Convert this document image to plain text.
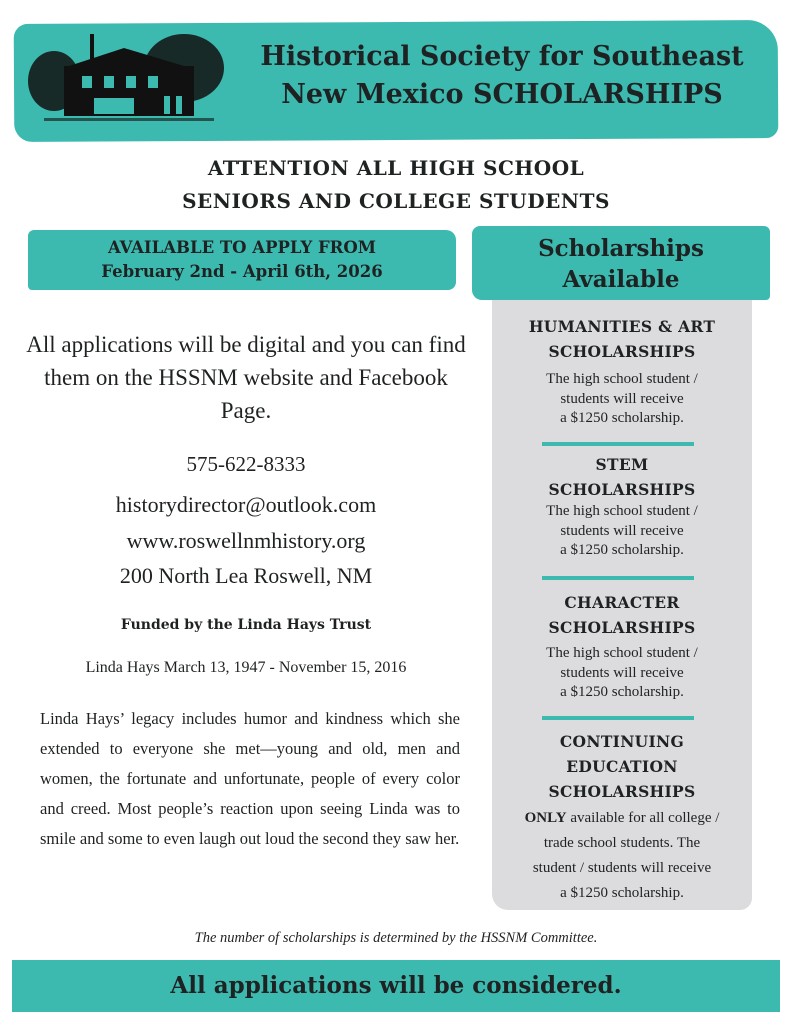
Historical Society for Southeast
New Mexico SCHOLARSHIPS
ATTENTION ALL HIGH SCHOOL
SENIORS AND COLLEGE STUDENTS
AVAILABLE TO APPLY FROM
February 2nd - April 6th, 2026
Scholarships
Available
HUMANITIES & ART
SCHOLARSHIPS
The high school student /
students will receive
a $1250 scholarship.
STEM
SCHOLARSHIPS
The high school student /
students will receive
a $1250 scholarship.
CHARACTER
SCHOLARSHIPS
The high school student /
students will receive
a $1250 scholarship.
CONTINUING
EDUCATION
SCHOLARSHIPS
ONLY available for all college /
trade school students. The
student / students will receive
a $1250 scholarship.
All applications will be digital and you can find them on the HSSNM website and Facebook Page.
575-622-8333
historydirector@outlook.com
www.roswellnmhistory.org
200 North Lea Roswell, NM
Funded by the Linda Hays Trust
Linda Hays March 13, 1947 - November 15, 2016
Linda Hays’ legacy includes humor and kindness which she extended to everyone she met—young and old, men and women, the fortunate and unfortunate, people of every color and creed. Most people’s reaction upon seeing Linda was to smile and some to even laugh out loud the second they saw her.
The number of scholarships is determined by the HSSNM Committee.
All applications will be considered.
